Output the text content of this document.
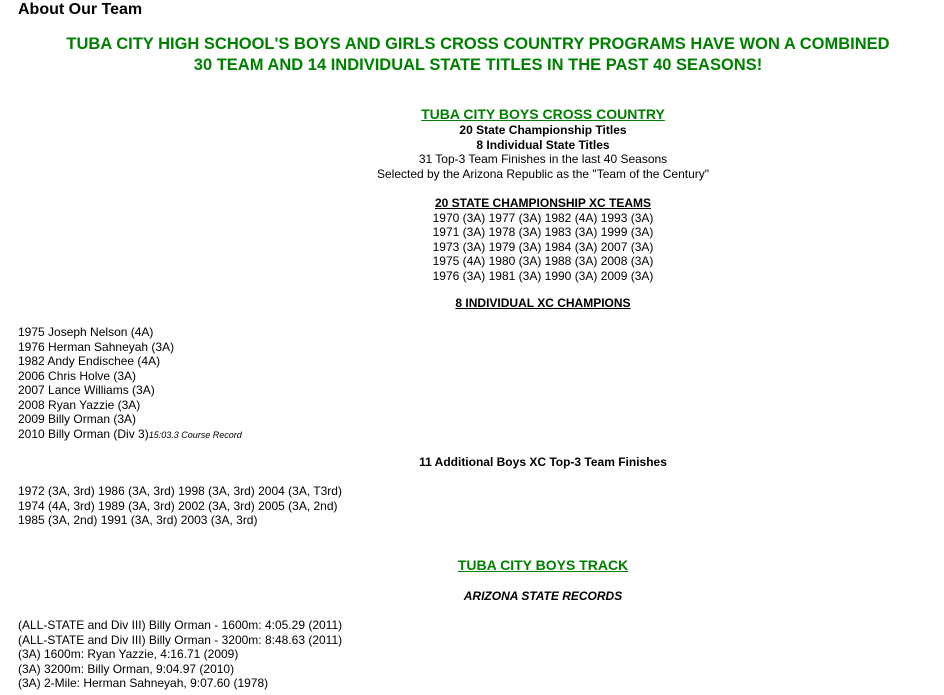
About Our Team
TUBA CITY HIGH SCHOOL'S BOYS AND GIRLS CROSS COUNTRY PROGRAMS HAVE WON A COMBINED
30 TEAM AND 14 INDIVIDUAL STATE TITLES IN THE PAST 40 SEASONS!
TUBA CITY BOYS CROSS COUNTRY
20 State Championship Titles
8 Individual State Titles
31 Top-3 Team Finishes in the last 40 Seasons
Selected by the Arizona Republic as the "Team of the Century"
20 STATE CHAMPIONSHIP XC TEAMS
1970 (3A) 1977 (3A) 1982 (4A) 1993 (3A)
1971 (3A) 1978 (3A) 1983 (3A) 1999 (3A)
1973 (3A) 1979 (3A) 1984 (3A) 2007 (3A)
1975 (4A) 1980 (3A) 1988 (3A) 2008 (3A)
1976 (3A) 1981 (3A) 1990 (3A) 2009 (3A)
8 INDIVIDUAL XC CHAMPIONS
1975 Joseph Nelson (4A)
1976 Herman Sahneyah (3A)
1982 Andy Endischee (4A)
2006 Chris Holve (3A)
2007 Lance Williams (3A)
2008 Ryan Yazzie (3A)
2009 Billy Orman (3A)
2010 Billy Orman (Div 3)15:03.3 Course Record
11 Additional Boys XC Top-3 Team Finishes
1972 (3A, 3rd) 1986 (3A, 3rd) 1998 (3A, 3rd) 2004 (3A, T3rd)
1974 (4A, 3rd) 1989 (3A, 3rd) 2002 (3A, 3rd) 2005 (3A, 2nd)
1985 (3A, 2nd) 1991 (3A, 3rd) 2003 (3A, 3rd)
TUBA CITY BOYS TRACK
ARIZONA STATE RECORDS
(ALL-STATE and Div III) Billy Orman - 1600m: 4:05.29 (2011)
(ALL-STATE and Div III) Billy Orman - 3200m: 8:48.63 (2011)
(3A) 1600m: Ryan Yazzie, 4:16.71 (2009)
(3A) 3200m: Billy Orman, 9:04.97 (2010)
(3A) 2-Mile: Herman Sahneyah, 9:07.60 (1978)
